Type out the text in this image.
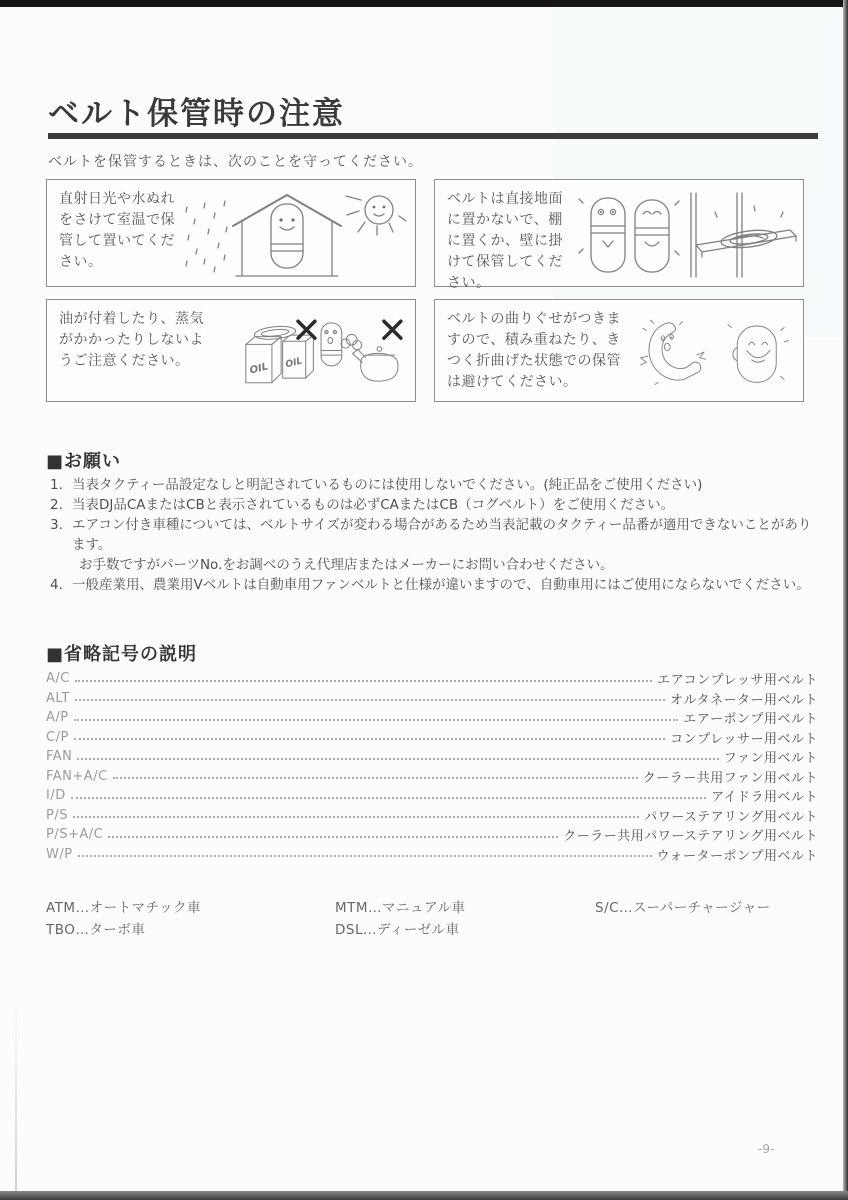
ベルト保管時の注意

ベルトを保管するときは、次のことを守ってください。

直射日光や水ぬれをさけて室温で保管して置いてください。
ベルトは直接地面に置かないで、棚に置くか、壁に掛けて保管してください。
油が付着したり、蒸気がかかったりしないようご注意ください。	OIL OIL
ベルトの曲りぐせがつきますので、積み重ねたり、きつく折曲げた状態での保管は避けてください。
■お願い
1. 当表タクティー品設定なしと明記されているものには使用しないでください。(純正品をご使用ください)
2. 当表DJ品CAまたはCBと表示されているものは必ずCAまたはCB（コグベルト）をご使用ください。
3. エアコン付き車種については、ベルトサイズが変わる場合があるため当表記載のタクティー品番が適用できないことがあります。
お手数ですがパーツNo.をお調べのうえ代理店またはメーカーにお問い合わせください。
4. 一般産業用、農業用Vベルトは自動車用ファンベルトと仕様が違いますので、自動車用にはご使用にならないでください。
■省略記号の説明
A/C	エアコンプレッサ用ベルト
ALT	オルタネーター用ベルト
A/P	エアーポンプ用ベルト
C/P	コンプレッサー用ベルト
FAN	ファン用ベルト
FAN+A/C	クーラー共用ファン用ベルト
I/D	アイドラ用ベルト
P/S	パワーステアリング用ベルト
P/S+A/C	クーラー共用パワーステアリング用ベルト
W/P	ウォーターポンプ用ベルト
ATM…オートマチック車
TBO…ターボ車
MTM…マニュアル車
DSL…ディーゼル車
S/C…スーパーチャージャー
-9-
